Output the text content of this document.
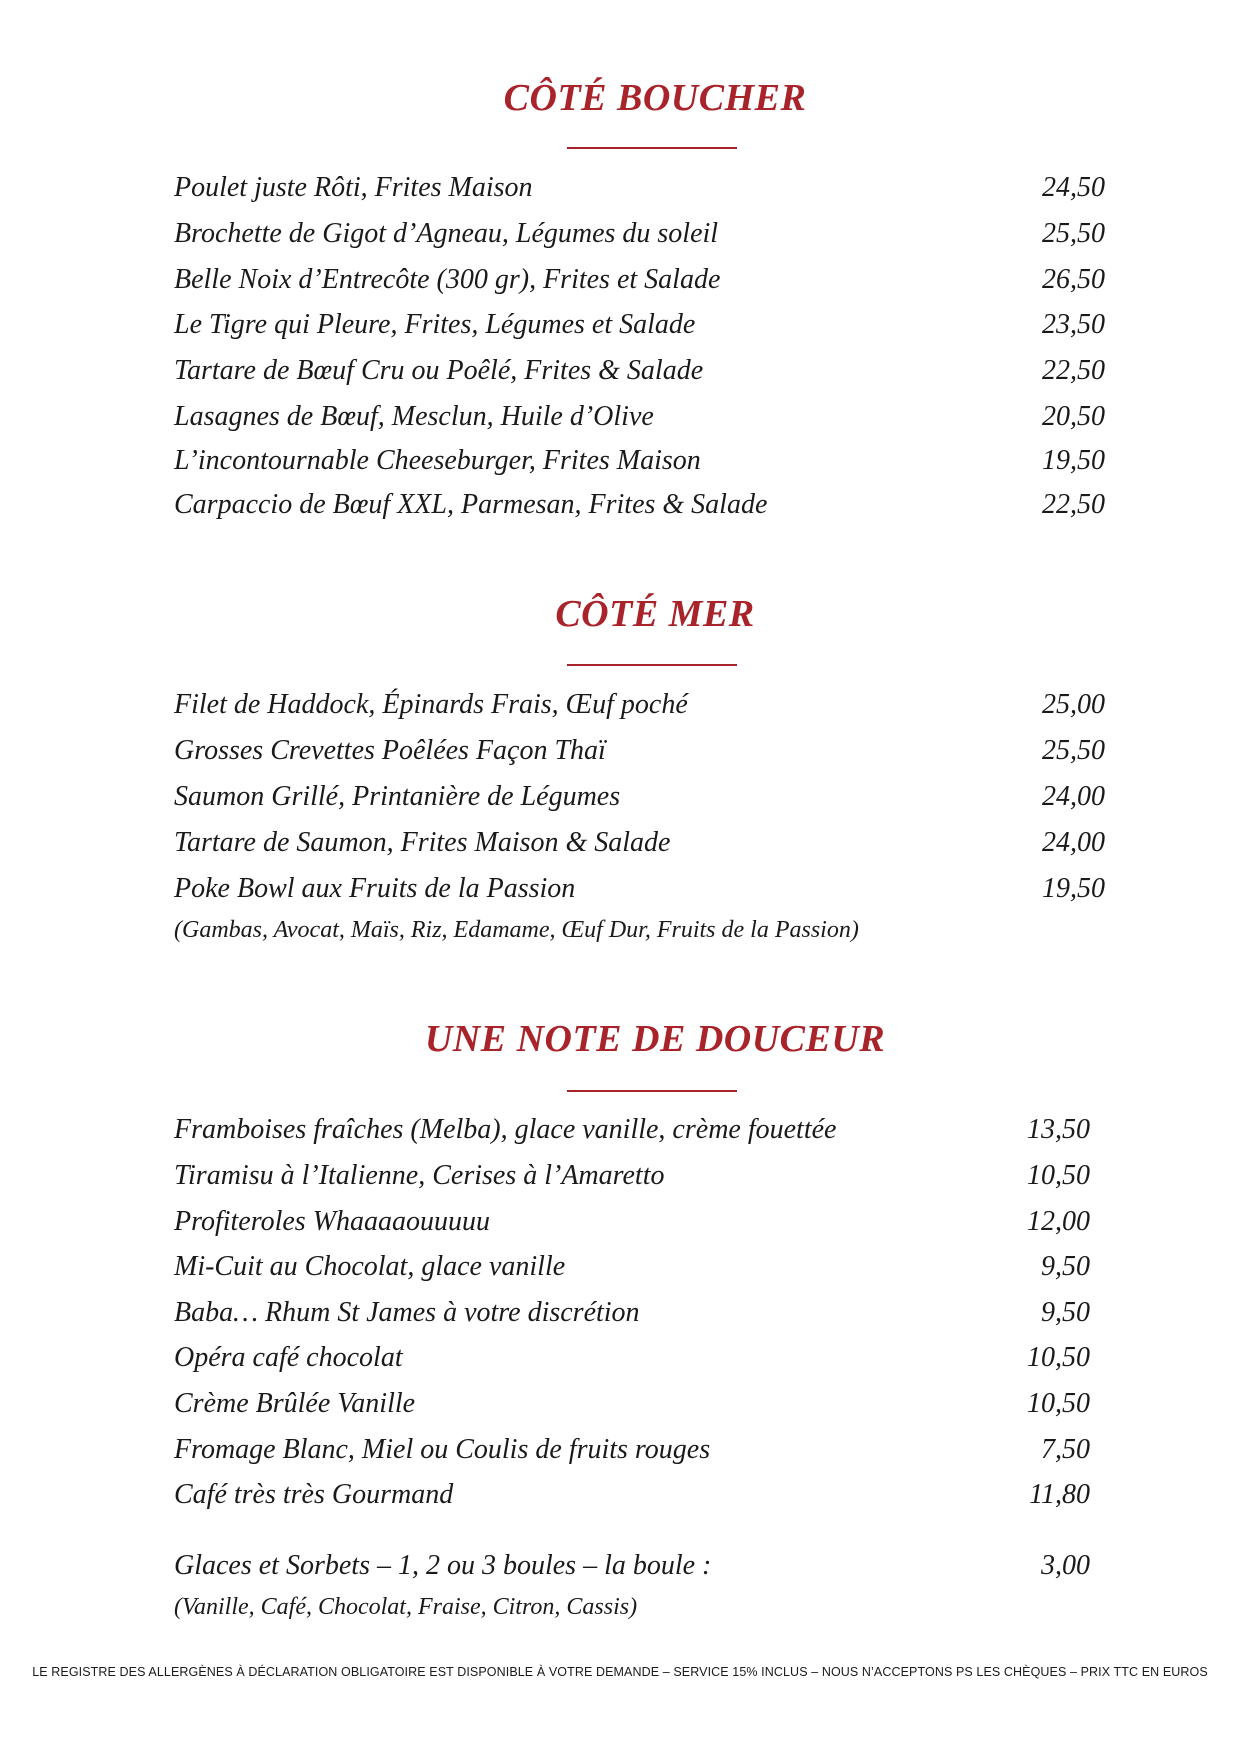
CÔTÉ BOUCHER
Poulet juste Rôti, Frites Maison	24,50
Brochette de Gigot d’Agneau, Légumes du soleil	25,50
Belle Noix d’Entrecôte (300 gr), Frites et Salade	26,50
Le Tigre qui Pleure, Frites, Légumes et Salade	23,50
Tartare de Bœuf Cru ou Poêlé, Frites & Salade	22,50
Lasagnes de Bœuf, Mesclun, Huile d’Olive	20,50
L’incontournable Cheeseburger, Frites Maison	19,50
Carpaccio de Bœuf XXL, Parmesan, Frites & Salade	22,50
CÔTÉ MER
Filet de Haddock, Épinards Frais, Œuf poché	25,00
Grosses Crevettes Poêlées Façon Thaï	25,50
Saumon Grillé, Printanière de Légumes	24,00
Tartare de Saumon, Frites Maison & Salade	24,00
Poke Bowl aux Fruits de la Passion	19,50
(Gambas, Avocat, Maïs, Riz, Edamame, Œuf Dur, Fruits de la Passion)
UNE NOTE DE DOUCEUR
Framboises fraîches (Melba), glace vanille, crème fouettée	13,50
Tiramisu à l’Italienne, Cerises à l’Amaretto	10,50
Profiteroles Whaaaaouuuuu	12,00
Mi-Cuit au Chocolat, glace vanille	9,50
Baba… Rhum St James à votre discrétion	9,50
Opéra café chocolat	10,50
Crème Brûlée Vanille	10,50
Fromage Blanc, Miel ou Coulis de fruits rouges	7,50
Café très très Gourmand	11,80
Glaces et Sorbets – 1, 2 ou 3 boules – la boule :	3,00
(Vanille, Café, Chocolat, Fraise, Citron, Cassis)
LE REGISTRE DES ALLERGÈNES À DÉCLARATION OBLIGATOIRE EST DISPONIBLE À VOTRE DEMANDE – SERVICE 15% INCLUS – NOUS N’ACCEPTONS PS LES CHÈQUES – PRIX TTC EN EUROS
